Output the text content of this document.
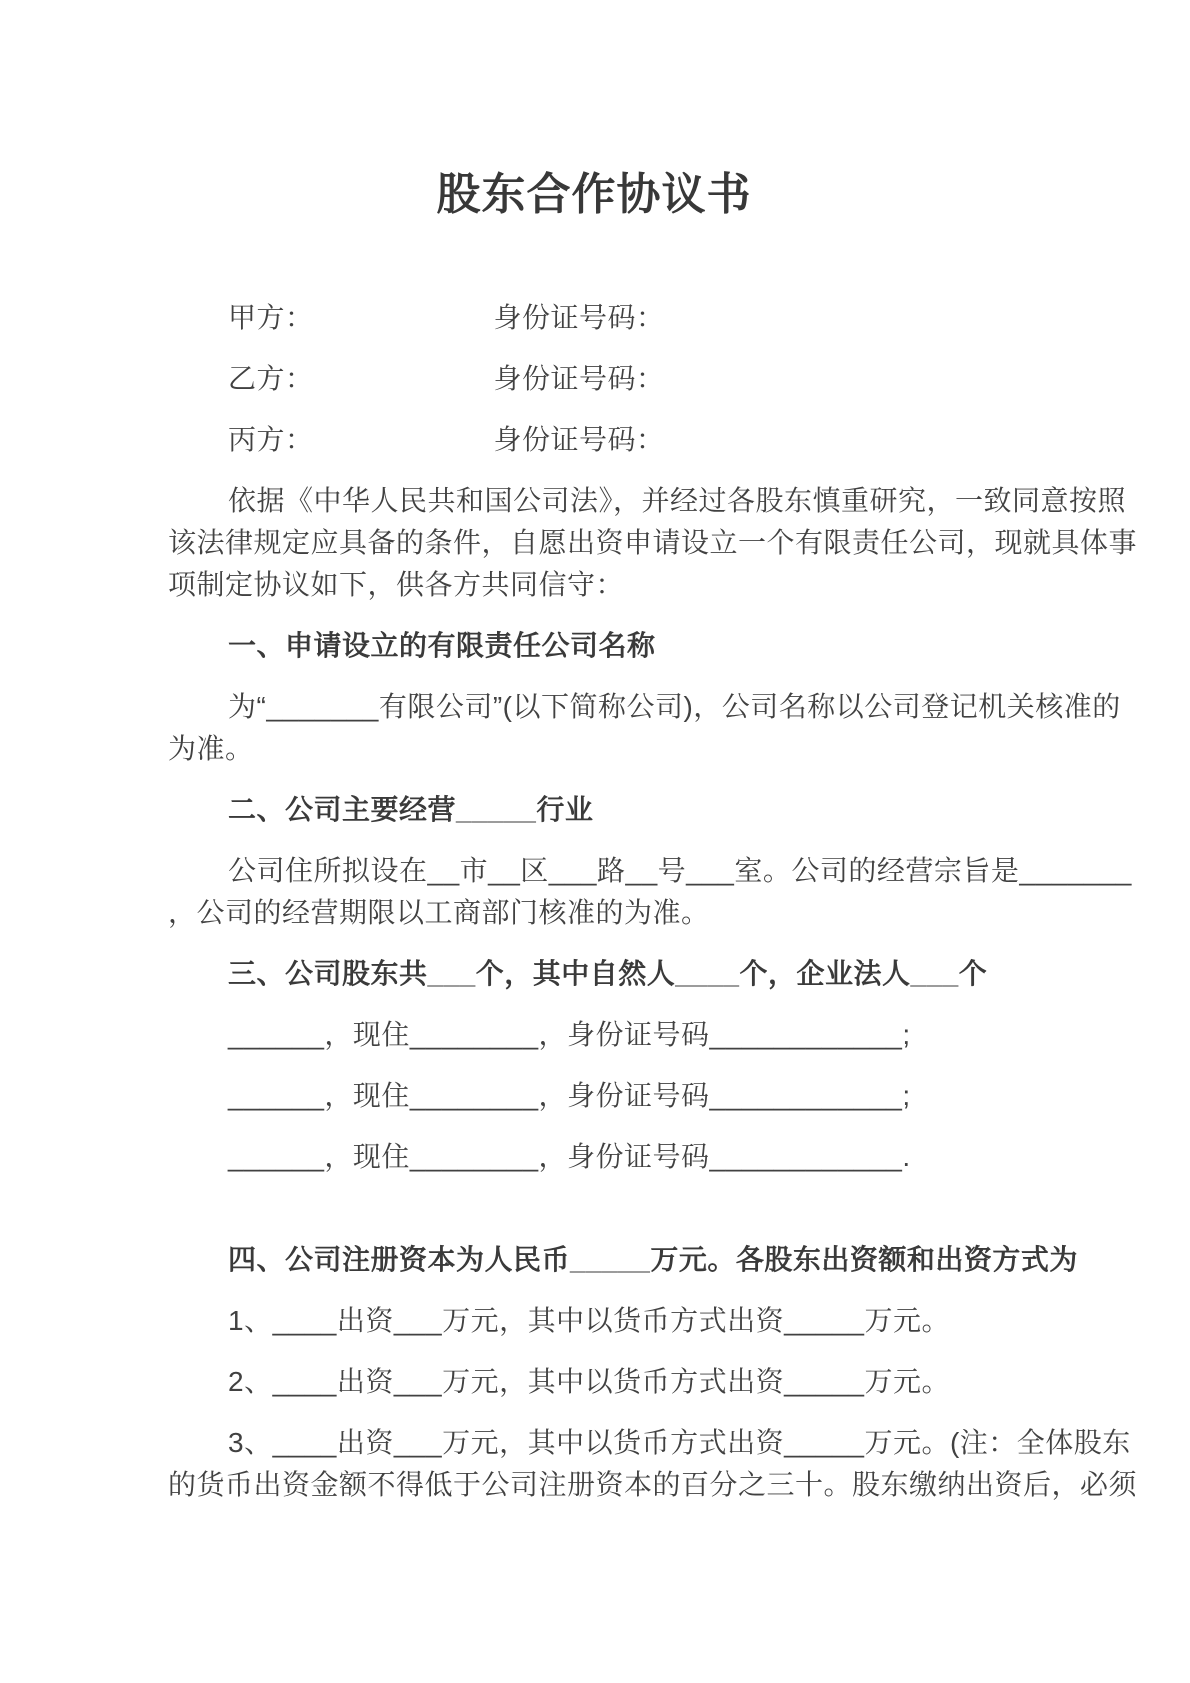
股东合作协议书

甲方：	身份证号码：

乙方：	身份证号码：

丙方：	身份证号码：

依据《中华人民共和国公司法》，并经过各股东慎重研究，一致同意按照
该法律规定应具备的条件，自愿出资申请设立一个有限责任公司，现就具体事
项制定协议如下，供各方共同信守：

一、申请设立的有限责任公司名称

为“_______有限公司”(以下简称公司)，公司名称以公司登记机关核准的
为准。

二、公司主要经营_____行业

公司住所拟设在__市__区___路__号___室。公司的经营宗旨是_______
，公司的经营期限以工商部门核准的为准。

三、公司股东共___个，其中自然人____个，企业法人___个

______，现住________，身份证号码____________;

______，现住________，身份证号码____________;

______，现住________，身份证号码____________.

四、公司注册资本为人民币_____万元。各股东出资额和出资方式为

1、____出资___万元，其中以货币方式出资_____万元。

2、____出资___万元，其中以货币方式出资_____万元。

3、____出资___万元，其中以货币方式出资_____万元。(注：全体股东
的货币出资金额不得低于公司注册资本的百分之三十。股东缴纳出资后，必须
